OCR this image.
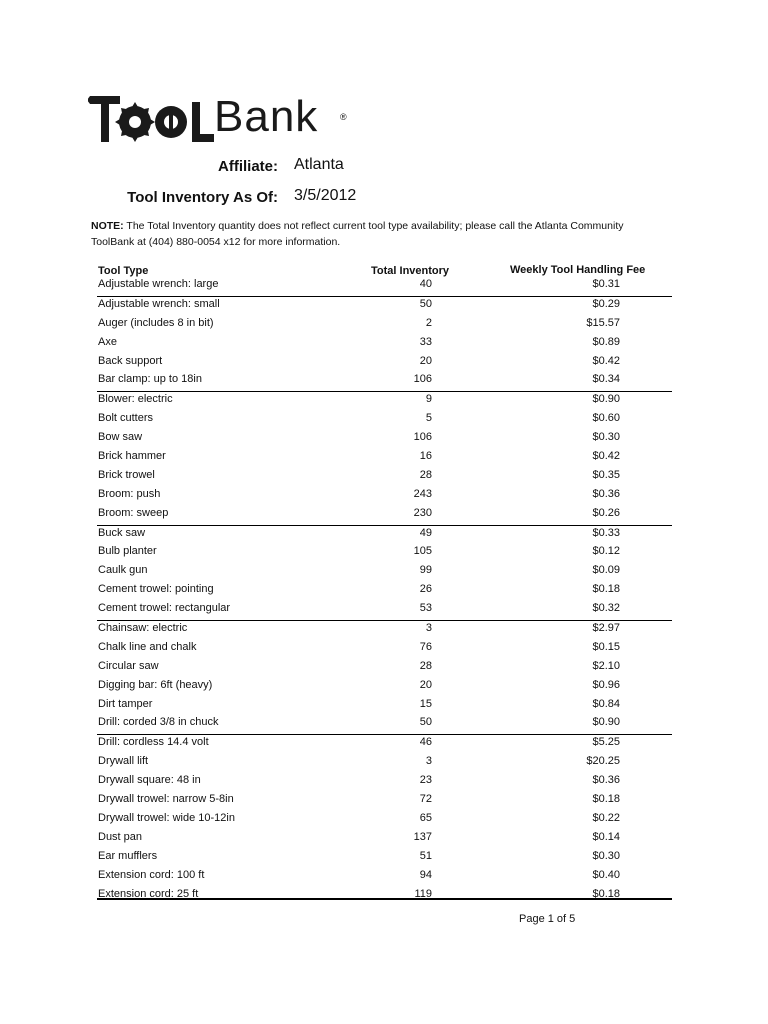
Bank ®
Affiliate: Atlanta
Tool Inventory As Of: 3/5/2012
NOTE: The Total Inventory quantity does not reflect current tool type availability; please call the Atlanta Community ToolBank at (404) 880-0054 x12 for more information.
Tool Type	Total Inventory	Weekly Tool Handling Fee
Adjustable wrench: large	40	$0.31
Adjustable wrench: small	50	$0.29
Auger (includes 8 in bit)	2	$15.57
Axe	33	$0.89
Back support	20	$0.42
Bar clamp: up to 18in	106	$0.34
Blower: electric	9	$0.90
Bolt cutters	5	$0.60
Bow saw	106	$0.30
Brick hammer	16	$0.42
Brick trowel	28	$0.35
Broom: push	243	$0.36
Broom: sweep	230	$0.26
Buck saw	49	$0.33
Bulb planter	105	$0.12
Caulk gun	99	$0.09
Cement trowel: pointing	26	$0.18
Cement trowel: rectangular	53	$0.32
Chainsaw: electric	3	$2.97
Chalk line and chalk	76	$0.15
Circular saw	28	$2.10
Digging bar: 6ft (heavy)	20	$0.96
Dirt tamper	15	$0.84
Drill: corded 3/8 in chuck	50	$0.90
Drill: cordless 14.4 volt	46	$5.25
Drywall lift	3	$20.25
Drywall square: 48 in	23	$0.36
Drywall trowel: narrow 5-8in	72	$0.18
Drywall trowel: wide 10-12in	65	$0.22
Dust pan	137	$0.14
Ear mufflers	51	$0.30
Extension cord: 100 ft	94	$0.40
Extension cord: 25 ft	119	$0.18
Page 1 of 5
